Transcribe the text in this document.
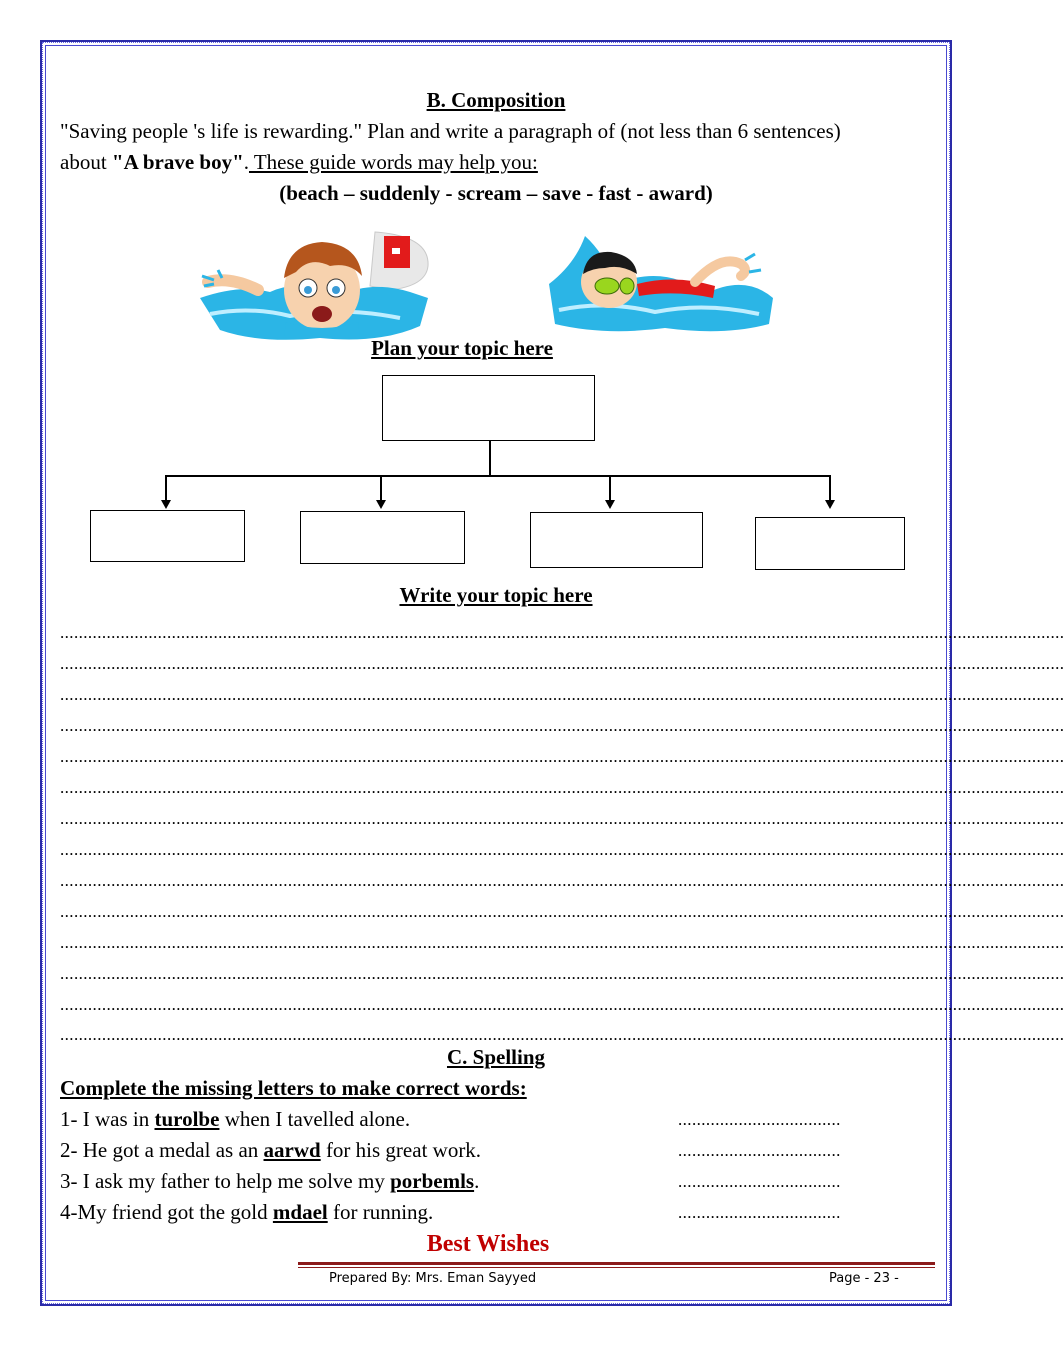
B. Composition
"Saving people 's life is rewarding." Plan and write a paragraph of (not less than 6 sentences)
about "A brave boy". These guide words may help you:
(beach – suddenly - scream – save - fast - award)
Plan your topic here
Write your topic here
........................................................................................................................................................................................................................
........................................................................................................................................................................................................................
........................................................................................................................................................................................................................
........................................................................................................................................................................................................................
........................................................................................................................................................................................................................
........................................................................................................................................................................................................................
........................................................................................................................................................................................................................
........................................................................................................................................................................................................................
........................................................................................................................................................................................................................
........................................................................................................................................................................................................................
........................................................................................................................................................................................................................
........................................................................................................................................................................................................................
........................................................................................................................................................................................................................
........................................................................................................................................................................................................................
C. Spelling
Complete the missing letters to make correct words:
1- I was in turolbe when I tavelled alone.	...................................
2- He got a medal as an aarwd for his great work.	...................................
3- I ask my father to help me solve my porbemls.	...................................
4-My friend got the gold mdael for running.	...................................
Best Wishes
Prepared By: Mrs. Eman Sayyed	Page - 23 -
